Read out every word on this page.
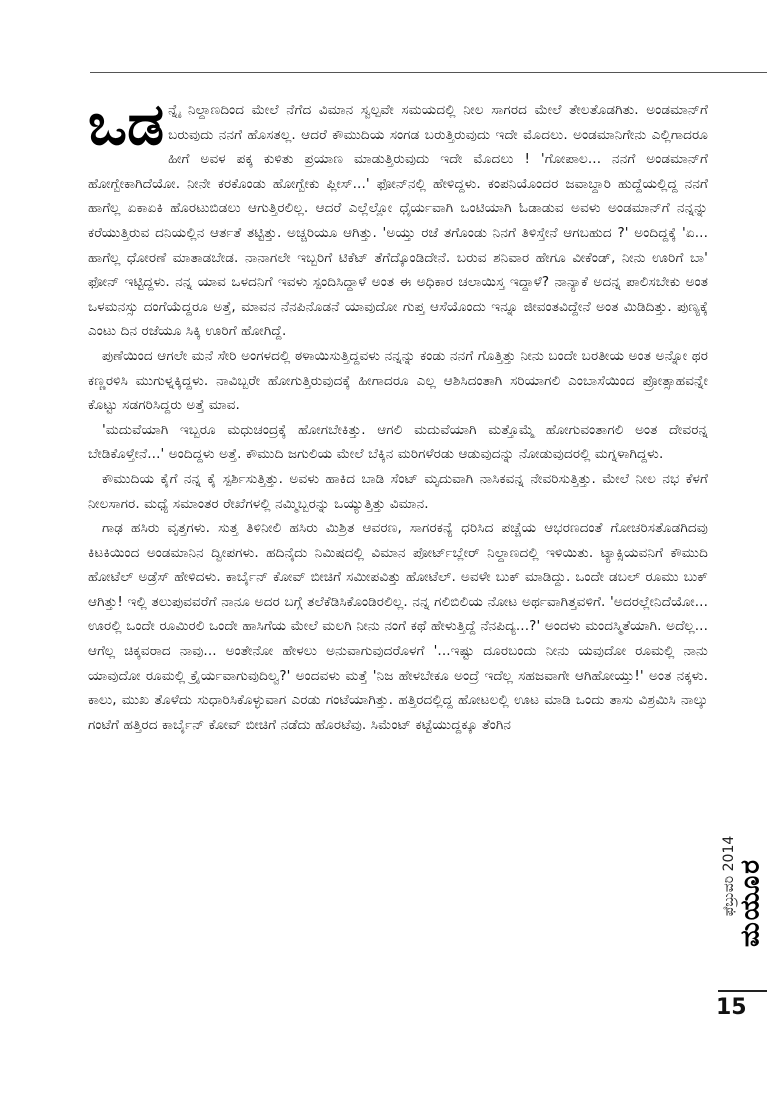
ಒಡ ನ್ನೈ ನಿಲ್ದಾಣದಿಂದ ಮೇಲೆ ನೆಗೆದ ವಿಮಾನ ಸ್ವಲ್ಪವೇ ಸಮಯದಲ್ಲಿ ನೀಲ ಸಾಗರದ ಮೇಲೆ ತೇಲತೊಡಗಿತು. ಅಂಡಮಾನ್‌ಗೆ ಬರುವುದು ನನಗೆ ಹೊಸತಲ್ಲ. ಆದರೆ ಕೌಮುದಿಯ ಸಂಗಡ ಬರುತ್ತಿರುವುದು ಇದೇ ಮೊದಲು. ಅಂಡಮಾನಿಗೇನು ಎಲ್ಲಿಗಾದರೂ ಹೀಗೆ ಅವಳ ಪಕ್ಕ ಕುಳಿತು ಪ್ರಯಾಣ ಮಾಡುತ್ತಿರುವುದು ಇದೇ ಮೊದಲು ! 'ಗೋಪಾಲ... ನನಗೆ ಅಂಡಮಾನ್‌ಗೆ ಹೋಗ್ಬೇಕಾಗಿದೆಯೋ. ನೀನೇ ಕರಕೊಂಡು ಹೋಗ್ಬೇಕು ಪ್ಲೀಸ್...' ಫೋನ್‌ನಲ್ಲಿ ಹೇಳಿದ್ದಳು. ಕಂಪನಿಯೊಂದರ ಜವಾಬ್ದಾರಿ ಹುದ್ದೆಯಲ್ಲಿದ್ದ ನನಗೆ ಹಾಗೆಲ್ಲ ಏಕಾಏಕಿ ಹೊರಟುಬಿಡಲು ಆಗುತ್ತಿರಲಿಲ್ಲ. ಆದರೆ ಎಲ್ಲೆಲ್ಲೋ ಧೈರ್ಯವಾಗಿ ಒಂಟಿಯಾಗಿ ಓಡಾಡುವ ಅವಳು ಅಂಡಮಾನ್‌ಗೆ ನನ್ನನ್ನು ಕರೆಯುತ್ತಿರುವ ದನಿಯಲ್ಲಿನ ಆರ್ತತೆ ತಟ್ಟಿತ್ತು. ಅಚ್ಚರಿಯೂ ಆಗಿತ್ತು. 'ಅಯ್ತು ರಜೆ ತಗೊಂಡು ನಿನಗೆ ತಿಳಿಸ್ತೇನೆ ಆಗಬಹುದ ?' ಅಂದಿದ್ದಕ್ಕೆ 'ಏ... ಹಾಗೆಲ್ಲ ಧೋರಣೆ ಮಾತಾಡಬೇಡ. ನಾನಾಗಲೇ ಇಬ್ಬರಿಗೆ ಟಿಕೆಟ್ ತೆಗೆದ್ಕೊಂಡಿದೇನೆ. ಬರುವ ಶನಿವಾರ ಹೇಗೂ ವೀಕೆಂಡ್, ನೀನು ಊರಿಗೆ ಬಾ' ಫೋನ್ ಇಟ್ಟಿದ್ದಳು. ನನ್ನ ಯಾವ ಒಳದನಿಗೆ ಇವಳು ಸ್ಪಂದಿಸಿದ್ದಾಳೆ ಅಂತ ಈ ಅಧಿಕಾರ ಚಲಾಯಿಸ್ತ ಇದ್ದಾಳೆ? ನಾನ್ಯಾಕೆ ಅದನ್ನ ಪಾಲಿಸಬೇಕು ಅಂತ ಒಳಮನಸ್ಸು ದಂಗೆಯೆದ್ದರೂ ಅತ್ತೆ, ಮಾವನ ನೆನಪಿನೊಡನೆ ಯಾವುದೋ ಗುಪ್ತ ಆಸೆಯೊಂದು ಇನ್ನೂ ಜೀವಂತವಿದ್ದೇನೆ ಅಂತ ಮಿಡಿದಿತ್ತು. ಪುಣ್ಯಕ್ಕೆ ಎಂಟು ದಿನ ರಜೆಯೂ ಸಿಕ್ಕಿ ಊರಿಗೆ ಹೋಗಿದ್ದೆ.

ಪುಣೆಯಿಂದ ಆಗಲೇ ಮನೆ ಸೇರಿ ಅಂಗಳದಲ್ಲಿ ಠಳಾಯಿಸುತ್ತಿದ್ದವಳು ನನ್ನನ್ನು ಕಂಡು ನನಗೆ ಗೊತ್ತಿತ್ತು ನೀನು ಬಂದೇ ಬರತೀಯ ಅಂತ ಅನ್ನೋ ಥರ ಕಣ್ಣರಳಿಸಿ ಮುಗುಳ್ನಕ್ಕಿದ್ದಳು. ನಾವಿಬ್ಬರೇ ಹೋಗುತ್ತಿರುವುದಕ್ಕೆ ಹೀಗಾದರೂ ಎಲ್ಲ ಆಶಿಸಿದಂತಾಗಿ ಸರಿಯಾಗಲಿ ಎಂಬಾಸೆಯಿಂದ ಪ್ರೋತ್ಸಾಹವನ್ನೇ ಕೊಟ್ಟು ಸಡಗರಿಸಿದ್ದರು ಅತ್ತೆ ಮಾವ.

'ಮದುವೆಯಾಗಿ ಇಬ್ಬರೂ ಮಧುಚಂದ್ರಕ್ಕೆ ಹೋಗಬೇಕಿತ್ತು. ಆಗಲಿ ಮದುವೆಯಾಗಿ ಮತ್ತೊಮ್ಮೆ ಹೋಗುವಂತಾಗಲಿ ಅಂತ ದೇವರನ್ನ ಬೇಡಿಕೊಳ್ತೇನೆ...' ಅಂದಿದ್ದಳು ಅತ್ತೆ. ಕೌಮುದಿ ಜಗುಲಿಯ ಮೇಲೆ ಬೆಕ್ಕಿನ ಮರಿಗಳೆರಡು ಆಡುವುದನ್ನು ನೋಡುವುದರಲ್ಲಿ ಮಗ್ನಳಾಗಿದ್ದಳು.

ಕೌಮುದಿಯ ಕೈಗೆ ನನ್ನ ಕೈ ಸ್ಪರ್ಶಿಸುತ್ತಿತ್ತು. ಅವಳು ಹಾಕಿದ ಬಾಡಿ ಸೆಂಟ್ ಮೃದುವಾಗಿ ನಾಸಿಕವನ್ನ ನೇವರಿಸುತ್ತಿತ್ತು. ಮೇಲೆ ನೀಲ ನಭ ಕೆಳಗೆ ನೀಲಸಾಗರ. ಮಧ್ಯೆ ಸಮಾಂತರ ರೇಖೆಗಳಲ್ಲಿ ನಮ್ಮಿಬ್ಬರನ್ನು ಒಯ್ಯುತ್ತಿತ್ತು ವಿಮಾನ.

ಗಾಢ ಹಸಿರು ವೃತ್ತಗಳು. ಸುತ್ತ ತಿಳಿನೀಲಿ ಹಸಿರು ಮಿಶ್ರಿತ ಆವರಣ, ಸಾಗರಕನ್ಯೆ ಧರಿಸಿದ ಪಚ್ಚೆಯ ಆಭರಣದಂತೆ ಗೋಚರಿಸತೊಡಗಿದವು ಕಿಟಕಿಯಿಂದ ಅಂಡಮಾನಿನ ದ್ವೀಪಗಳು. ಹದಿನೈದು ನಿಮಿಷದಲ್ಲಿ ವಿಮಾನ ಪೋರ್ಟ್‌ಬ್ಲೇರ್ ನಿಲ್ದಾಣದಲ್ಲಿ ಇಳಿಯಿತು. ಟ್ಯಾಕ್ಸಿಯವನಿಗೆ ಕೌಮುದಿ ಹೋಟೆಲ್ ಅಡ್ರೆಸ್ ಹೇಳಿದಳು. ಕಾರ್ಬೈನ್ ಕೋವ್ ಬೀಚಿಗೆ ಸಮೀಪವಿತ್ತು ಹೋಟೆಲ್. ಅವಳೇ ಬುಕ್ ಮಾಡಿದ್ದು. ಒಂದೇ ಡಬಲ್ ರೂಮು ಬುಕ್ ಆಗಿತ್ತು! ಇಲ್ಲಿ ತಲುಪುವವರೆಗೆ ನಾನೂ ಅದರ ಬಗ್ಗೆ ತಲೆಕೆಡಿಸಿಕೊಂಡಿರಲಿಲ್ಲ. ನನ್ನ ಗಲಿಬಿಲಿಯ ನೋಟ ಅರ್ಥವಾಗಿತ್ತವಳಿಗೆ. 'ಅದರಲ್ಲೇನಿದೆಯೋ... ಊರಲ್ಲಿ ಒಂದೇ ರೂಮಿರಲಿ ಒಂದೇ ಹಾಸಿಗೆಯ ಮೇಲೆ ಮಲಗಿ ನೀನು ನಂಗೆ ಕಥೆ ಹೇಳುತ್ತಿದ್ದೆ ನೆನಪಿದ್ಯ...?' ಅಂದಳು ಮಂದಸ್ಮಿತೆಯಾಗಿ. ಅದೆಲ್ಲ... ಆಗೆಲ್ಲ ಚಿಕ್ಕವರಾದ ನಾವು... ಅಂತೇನೋ ಹೇಳಲು ಅನುವಾಗುವುದರೊಳಗೆ '...ಇಷ್ಟು ದೂರಬಂದು ನೀನು ಯವುದೋ ರೂಮಲ್ಲಿ ನಾನು ಯಾವುದೋ ರೂಮಲ್ಲಿ ಕ್ರೈರ್ಯವಾಗುವುದಿಲ್ವ?' ಅಂದವಳು ಮತ್ತೆ 'ನಿಜ ಹೇಳಬೇಕೂ ಅಂದ್ರೆ ಇದೆಲ್ಲ ಸಹಜವಾಗೇ ಆಗಿಹೋಯ್ತು!' ಅಂತ ನಕ್ಕಳು. ಕಾಲು, ಮುಖ ತೊಳೆದು ಸುಧಾರಿಸಿಕೊಳ್ಳುವಾಗ ಎರಡು ಗಂಟೆಯಾಗಿತ್ತು. ಹತ್ತಿರದಲ್ಲಿದ್ದ ಹೋಟಲಲ್ಲಿ ಊಟ ಮಾಡಿ ಒಂದು ತಾಸು ವಿಶ್ರಮಿಸಿ ನಾಲ್ಕು ಗಂಟೆಗೆ ಹತ್ತಿರದ ಕಾರ್ಬೈನ್ ಕೋವ್ ಬೀಚಿಗೆ ನಡೆದು ಹೊರಟೆವು. ಸಿಮೆಂಟ್ ಕಟ್ಟೆಯುದ್ದಕ್ಕೂ ತೆಂಗಿನ

ಫೆಬ್ರುವರಿ 2014
ಮಯೂರ
15
